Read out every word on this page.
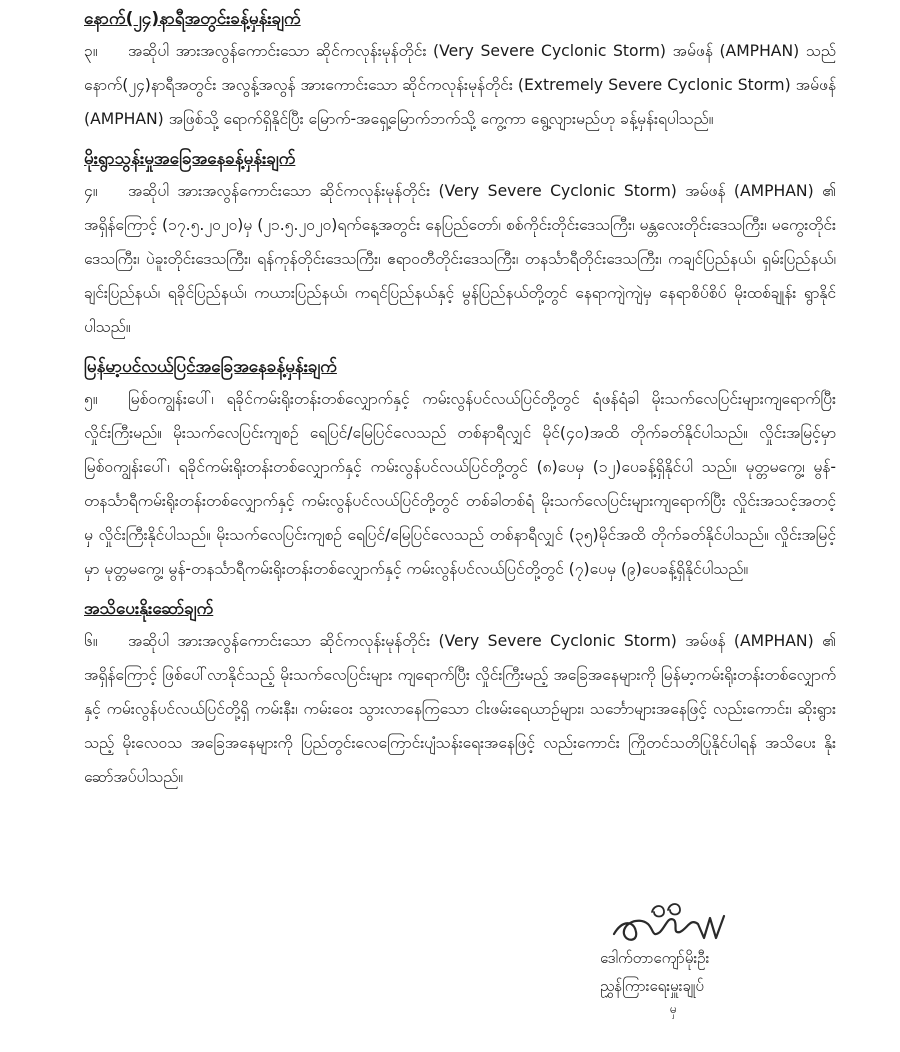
နောက်(၂၄)နာရီအတွင်းခန့်မှန်းချက်

၃။ အဆိုပါ အားအလွန်ကောင်းသော ဆိုင်ကလုန်းမုန်တိုင်း (Very Severe Cyclonic Storm) အမ်ဖန် (AMPHAN) သည် နောက်(၂၄)နာရီအတွင်း အလွန့်အလွန် အားကောင်းသော ဆိုင်ကလုန်းမုန်တိုင်း (Extremely Severe Cyclonic Storm) အမ်ဖန် (AMPHAN) အဖြစ်သို့ ရောက်ရှိနိုင်ပြီး မြောက်-အရှေ့မြောက်ဘက်သို့ ကွေ့ကာ ရွေ့လျားမည်ဟု ခန့်မှန်းရပါသည်။

မိုးရွာသွန်းမှုအခြေအနေခန့်မှန်းချက်

၄။ အဆိုပါ အားအလွန်ကောင်းသော ဆိုင်ကလုန်းမုန်တိုင်း (Very Severe Cyclonic Storm) အမ်ဖန် (AMPHAN) ၏ အရှိန်ကြောင့် (၁၇.၅.၂၀၂၀)မှ (၂၁.၅.၂၀၂၀)ရက်နေ့အတွင်း နေပြည်တော်၊ စစ်ကိုင်းတိုင်းဒေသကြီး၊ မန္တလေးတိုင်းဒေသကြီး၊ မကွေးတိုင်းဒေသကြီး၊ ပဲခူးတိုင်းဒေသကြီး၊ ရန်ကုန်တိုင်းဒေသကြီး၊ ဧရာဝတီတိုင်းဒေသကြီး၊ တနင်္သာရီတိုင်းဒေသကြီး၊ ကချင်ပြည်နယ်၊ ရှမ်းပြည်နယ်၊ ချင်းပြည်နယ်၊ ရခိုင်ပြည်နယ်၊ ကယားပြည်နယ်၊ ကရင်ပြည်နယ်နှင့် မွန်ပြည်နယ်တို့တွင် နေရာကျဲကျဲမှ နေရာစိပ်စိပ် မိုးထစ်ချုန်း ရွာနိုင်ပါသည်။

မြန်မာ့ပင်လယ်ပြင်အခြေအနေခန့်မှန်းချက်

၅။ မြစ်ဝကျွန်းပေါ်၊ ရခိုင်ကမ်းရိုးတန်းတစ်လျှောက်နှင့် ကမ်းလွန်ပင်လယ်ပြင်တို့တွင် ရံဖန်ရံခါ မိုးသက်လေပြင်းများကျရောက်ပြီး လှိုင်းကြီးမည်။ မိုးသက်လေပြင်းကျစဉ် ရေပြင်/မြေပြင်လေသည် တစ်နာရီလျှင် မိုင်(၄၀)အထိ တိုက်ခတ်နိုင်ပါသည်။ လှိုင်းအမြင့်မှာ မြစ်ဝကျွန်းပေါ်၊ ရခိုင်ကမ်းရိုးတန်းတစ်လျှောက်နှင့် ကမ်းလွန်ပင်လယ်ပြင်တို့တွင် (၈)ပေမှ (၁၂)ပေခန့်ရှိနိုင်ပါ သည်။ မုတ္တမကွေ့၊ မွန်-တနင်္သာရီကမ်းရိုးတန်းတစ်လျှောက်နှင့် ကမ်းလွန်ပင်လယ်ပြင်တို့တွင် တစ်ခါတစ်ရံ မိုးသက်လေပြင်းများကျရောက်ပြီး လှိုင်းအသင့်အတင့်မှ လှိုင်းကြီးနိုင်ပါသည်။ မိုးသက်လေပြင်းကျစဉ် ရေပြင်/မြေပြင်လေသည် တစ်နာရီလျှင် (၃၅)မိုင်အထိ တိုက်ခတ်နိုင်ပါသည်။ လှိုင်းအမြင့်မှာ မုတ္တမကွေ့၊ မွန်-တနင်္သာရီကမ်းရိုးတန်းတစ်လျှောက်နှင့် ကမ်းလွန်ပင်လယ်ပြင်တို့တွင် (၇)ပေမှ (၉)ပေခန့်ရှိနိုင်ပါသည်။

အသိပေးနိုးဆော်ချက်

၆။ အဆိုပါ အားအလွန်ကောင်းသော ဆိုင်ကလုန်းမုန်တိုင်း (Very Severe Cyclonic Storm) အမ်ဖန် (AMPHAN) ၏ အရှိန်ကြောင့် ဖြစ်ပေါ်လာနိုင်သည့် မိုးသက်လေပြင်းများ ကျရောက်ပြီး လှိုင်းကြီးမည့် အခြေအနေများကို မြန်မာ့ကမ်းရိုးတန်းတစ်လျှောက်နှင့် ကမ်းလွန်ပင်လယ်ပြင်တို့ရှိ ကမ်းနီး၊ ကမ်းဝေး သွားလာနေကြသော ငါးဖမ်းရေယာဉ်များ၊ သင်္ဘောများအနေဖြင့် လည်းကောင်း၊ ဆိုးရွားသည့် မိုးလေဝသ အခြေအနေများကို ပြည်တွင်းလေကြောင်းပျံသန်းရေးအနေဖြင့် လည်းကောင်း ကြိုတင်သတိပြုနိုင်ပါရန် အသိပေး နိုးဆော်အပ်ပါသည်။

ဒေါက်တာကျော်မိုးဦး

ညွှန်ကြားရေးမှူးချုပ်

မှ
